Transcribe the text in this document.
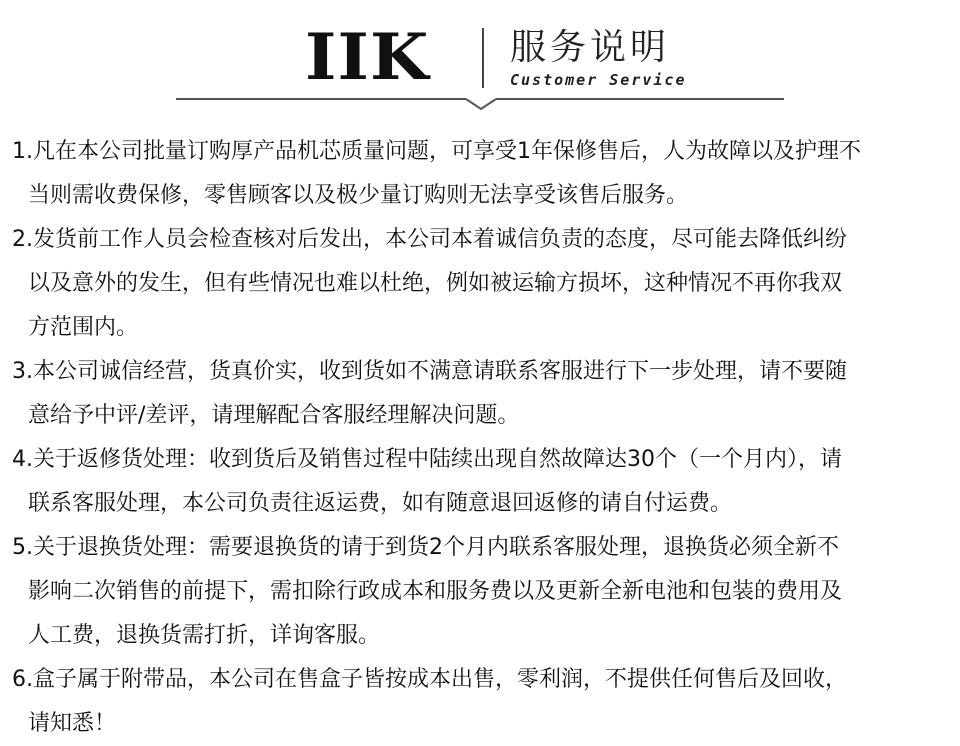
IIK 服务说明
Customer Service
1.凡在本公司批量订购厚产品机芯质量问题，可享受1年保修售后，人为故障以及护理不
当则需收费保修，零售顾客以及极少量订购则无法享受该售后服务。
2.发货前工作人员会检查核对后发出，本公司本着诚信负责的态度，尽可能去降低纠纷
以及意外的发生，但有些情况也难以杜绝，例如被运输方损坏，这种情况不再你我双
方范围内。
3.本公司诚信经营，货真价实，收到货如不满意请联系客服进行下一步处理，请不要随
意给予中评/差评，请理解配合客服经理解决问题。
4.关于返修货处理：收到货后及销售过程中陆续出现自然故障达30个（一个月内），请
联系客服处理，本公司负责往返运费，如有随意退回返修的请自付运费。
5.关于退换货处理：需要退换货的请于到货2个月内联系客服处理，退换货必须全新不
影响二次销售的前提下，需扣除行政成本和服务费以及更新全新电池和包装的费用及
人工费，退换货需打折，详询客服。
6.盒子属于附带品，本公司在售盒子皆按成本出售，零利润，不提供任何售后及回收，
请知悉！
